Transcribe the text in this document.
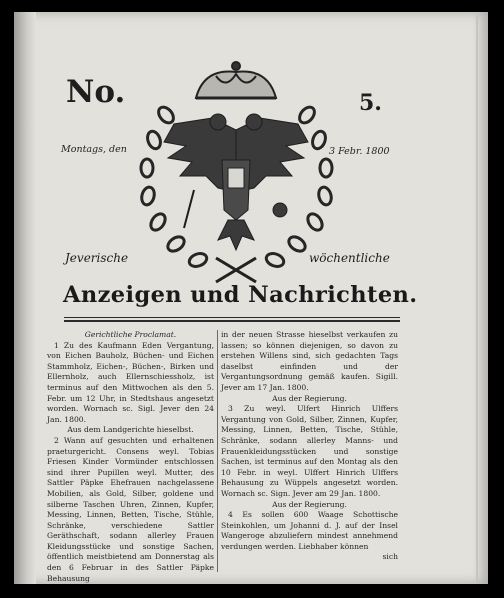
No.	5.
Montags, den	3 Febr. 1800
Jeverische	wöchentliche
Anzeigen und Nachrichten.

Gerichtliche Proclamat.

1 Zu des Kaufmann Eden Vergantung, von Eichen Bauholz, Büchen- und Eichen Stammholz, Eichen-, Büchen-, Birken und Ellernholz, auch Ellernschiessholz, ist terminus auf den Mittwochen als den 5. Febr. um 12 Uhr, in Stedtshaus angesetzt worden. Wornach sc. Sigl. Jever den 24 Jan. 1800.

Aus dem Landgerichte hieselbst.

2 Wann auf gesuchten und erhaltenen praeturgericht. Consens weyl. Tobias Friesen Kinder Vormünder entschlossen sind ihrer Pupillen weyl. Mutter, des Sattler Päpke Ehefrauen nachgelassene Mobilien, als Gold, Silber, goldene und silberne Taschen Uhren, Zinnen, Kupfer, Messing, Linnen, Betten, Tische, Stühle, Schränke, verschiedene Sattler Geräthschaft, sodann allerley Frauen Kleidungsstücke und sonstige Sachen, öffentlich meistbietend am Donnerstag als den 6 Februar in des Sattler Päpke Behausung

in der neuen Strasse hieselbst verkaufen zu lassen; so können diejenigen, so davon zu erstehen Willens sind, sich gedachten Tags daselbst einfinden und der Vergantungsordnung gemäß kaufen. Sigill. Jever am 17 Jan. 1800.

Aus der Regierung.

3 Zu weyl. Ulfert Hinrich Ulffers Vergantung von Gold, Silber, Zinnen, Kupfer, Messing, Linnen, Betten, Tische, Stühle, Schränke, sodann allerley Manns- und Frauenkleidungsstücken und sonstige Sachen, ist terminus auf den Montag als den 10 Febr. in weyl. Ulffert Hinrich Ulffers Behausung zu Wüppels angesetzt worden. Wornach sc. Sign. Jever am 29 Jan. 1800.

Aus der Regierung.

4 Es sollen 600 Waage Schottische Steinkohlen, um Johanni d. J. auf der Insel Wangeroge abzuliefern mindest annehmend verdungen werden. Liebhaber können

sich
